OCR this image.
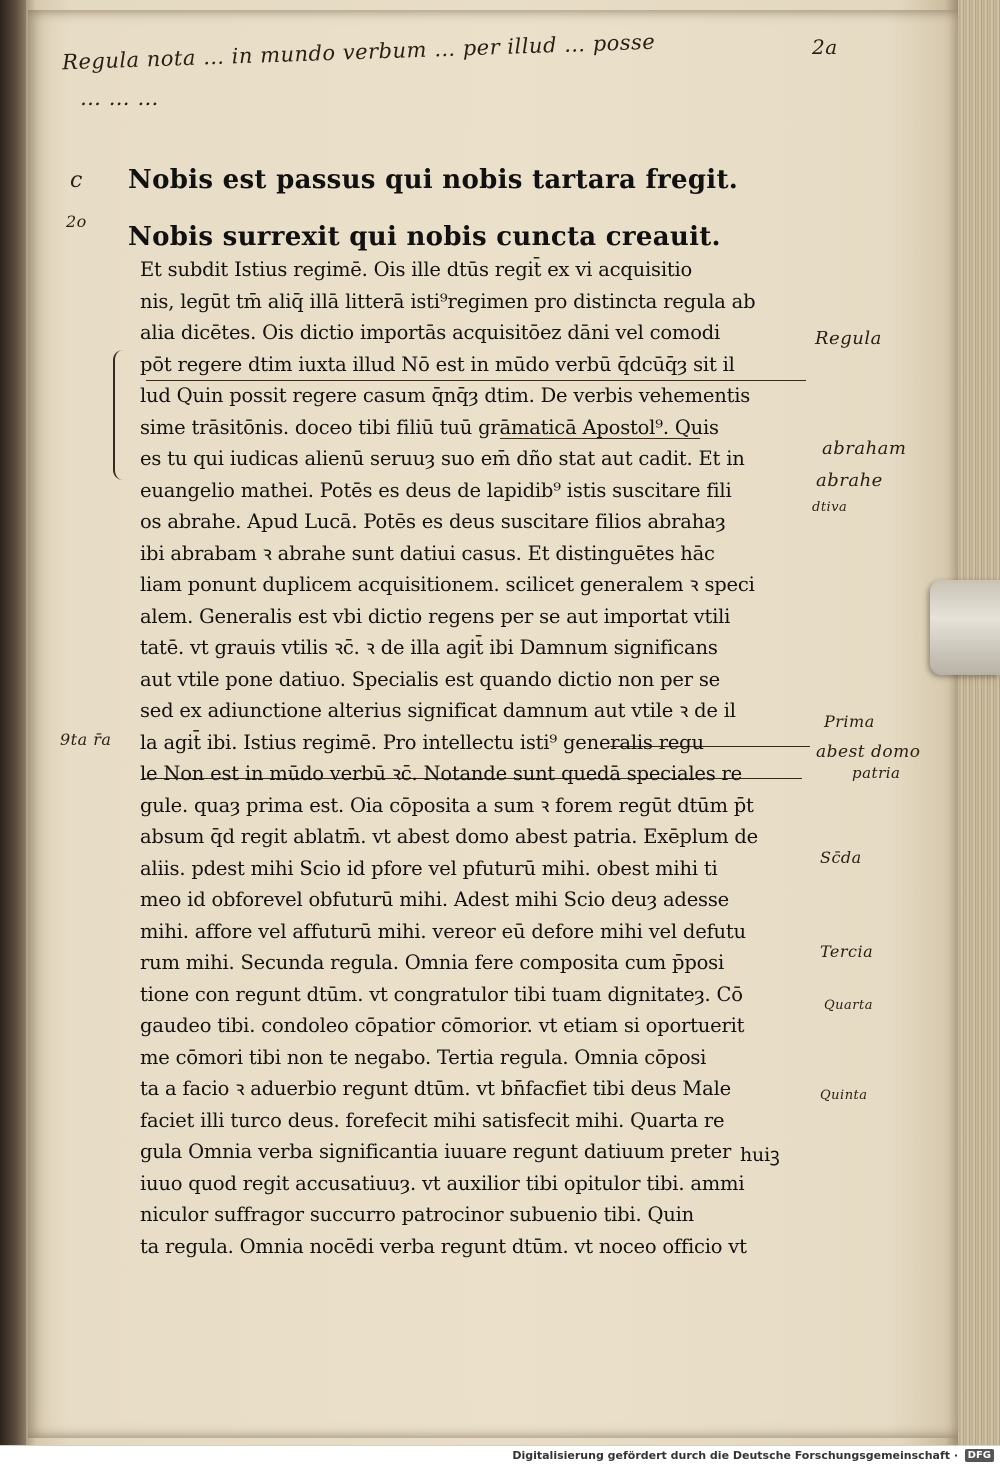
Regula nota … in mundo verbum … per illud … posse
… … …
2a
c
2o
9ta r̄a
Regula
abraham
abrahe
dtiva
Prima
abest domo
patria
Sc̄da
Tercia
Quarta
Quinta
Nobis est passus qui nobis tartara fregit.
Nobis surrexit qui nobis cuncta creauit.
Et subdit Istius regimē. Ois ille dtūs regit̄ ex vi acquisitio
nis, legūt tm̄ aliq̄ illā litterā isti⁹regimen pro distincta regula ab
alia dicētes. Ois dictio importās acquisitōez dāni vel comodi
pōt regere dtim iuxta illud Nō est in mūdo verbū q̄dcūq̄ȝ sit il
lud Quin possit regere casum q̄nq̄ȝ dtim. De verbis vehementis
sime trāsitōnis. doceo tibi filiū tuū grāmaticā Apostol⁹. Quis
es tu qui iudicas alienū seruuȝ suo em̄ dño stat aut cadit. Et in
euangelio mathei. Potēs es deus de lapidib⁹ istis suscitare fili
os abrahe. Apud Lucā. Potēs es deus suscitare filios abrahaȝ
ibi abrabam ꝛ abrahe sunt datiui casus. Et distinguētes hāc
liam ponunt duplicem acquisitionem. scilicet generalem ꝛ speci
alem. Generalis est vbi dictio regens per se aut importat vtili
tatē. vt grauis vtilis ꝛc̄. ꝛ de illa agit̄ ibi Damnum significans
aut vtile pone datiuo. Specialis est quando dictio non per se
sed ex adiunctione alterius significat damnum aut vtile ꝛ de il
la agit̄ ibi. Istius regimē. Pro intellectu isti⁹ generalis regu
le Non est in mūdo verbū ꝛc̄. Notande sunt quedā speciales re
gule. quaȝ prima est. Oia cōposita a sum ꝛ forem regūt dtūm p̄t
absum q̄d regit ablatm̄. vt abest domo abest patria. Exēplum de
aliis. pdest mihi Scio id pfore vel pfuturū mihi. obest mihi ti
meo id obforevel obfuturū mihi. Adest mihi Scio deuȝ adesse
mihi. affore vel affuturū mihi. vereor eū defore mihi vel defutu
rum mihi. Secunda regula. Omnia fere composita cum p̄posi
tione con regunt dtūm. vt congratulor tibi tuam dignitateȝ. Cō
gaudeo tibi. condoleo cōpatior cōmorior. vt etiam si oportuerit
me cōmori tibi non te negabo. Tertia regula. Omnia cōposi
ta a facio ꝛ aduerbio regunt dtūm. vt bn̄facfiet tibi deus Male
faciet illi turco deus. forefecit mihi satisfecit mihi. Quarta re
gula Omnia verba significantia iuuare regunt datiuum preter
iuuo quod regit accusatiuuȝ. vt auxilior tibi opitulor tibi. ammi
niculor suffragor succurro patrocinor subuenio tibi. Quin
ta regula. Omnia nocēdi verba regunt dtūm. vt noceo officio vt
huiꝫ
Digitalisierung gefördert durch die Deutsche Forschungsgemeinschaft · DFG
